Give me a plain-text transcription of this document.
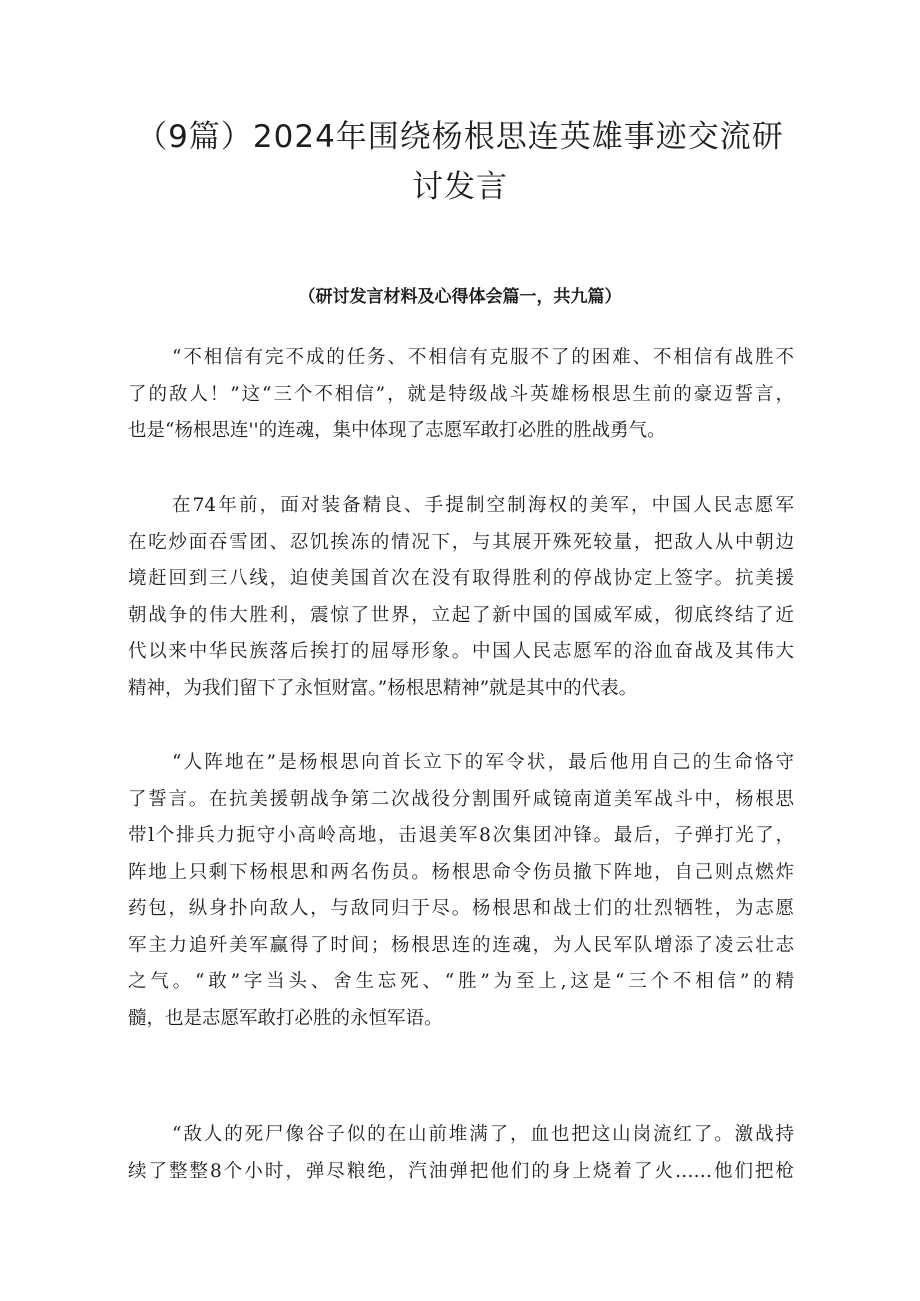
（9篇）2024年围绕杨根思连英雄事迹交流研
讨发言

（研讨发言材料及心得体会篇一，共九篇）

“不相信有完不成的任务、不相信有克服不了的困难、不相信有战胜不
了的敌人！”这“三个不相信”，就是特级战斗英雄杨根思生前的豪迈誓言，
也是“杨根思连''的连魂，集中体现了志愿军敢打必胜的胜战勇气。
在74年前，面对装备精良、手提制空制海权的美军，中国人民志愿军
在吃炒面吞雪团、忍饥挨冻的情况下，与其展开殊死较量，把敌人从中朝边
境赶回到三八线，迫使美国首次在没有取得胜利的停战协定上签字。抗美援
朝战争的伟大胜利，震惊了世界，立起了新中国的国威军威，彻底终结了近
代以来中华民族落后挨打的屈辱形象。中国人民志愿军的浴血奋战及其伟大
精神，为我们留下了永恒财富。”杨根思精神”就是其中的代表。
“人阵地在”是杨根思向首长立下的军令状，最后他用自己的生命恪守
了誓言。在抗美援朝战争第二次战役分割围歼咸镜南道美军战斗中，杨根思
带l个排兵力扼守小高岭高地，击退美军8次集团冲锋。最后，子弹打光了，
阵地上只剩下杨根思和两名伤员。杨根思命令伤员撤下阵地，自己则点燃炸
药包，纵身扑向敌人，与敌同归于尽。杨根思和战士们的壮烈牺牲，为志愿
军主力追歼美军赢得了时间；杨根思连的连魂，为人民军队增添了凌云壮志
之气。“敢”字当头、舍生忘死、“胜”为至上,这是“三个不相信”的精
髓，也是志愿军敢打必胜的永恒军语。
“敌人的死尸像谷子似的在山前堆满了，血也把这山岗流红了。激战持
续了整整8个小时，弹尽粮绝，汽油弹把他们的身上烧着了火……他们把枪
